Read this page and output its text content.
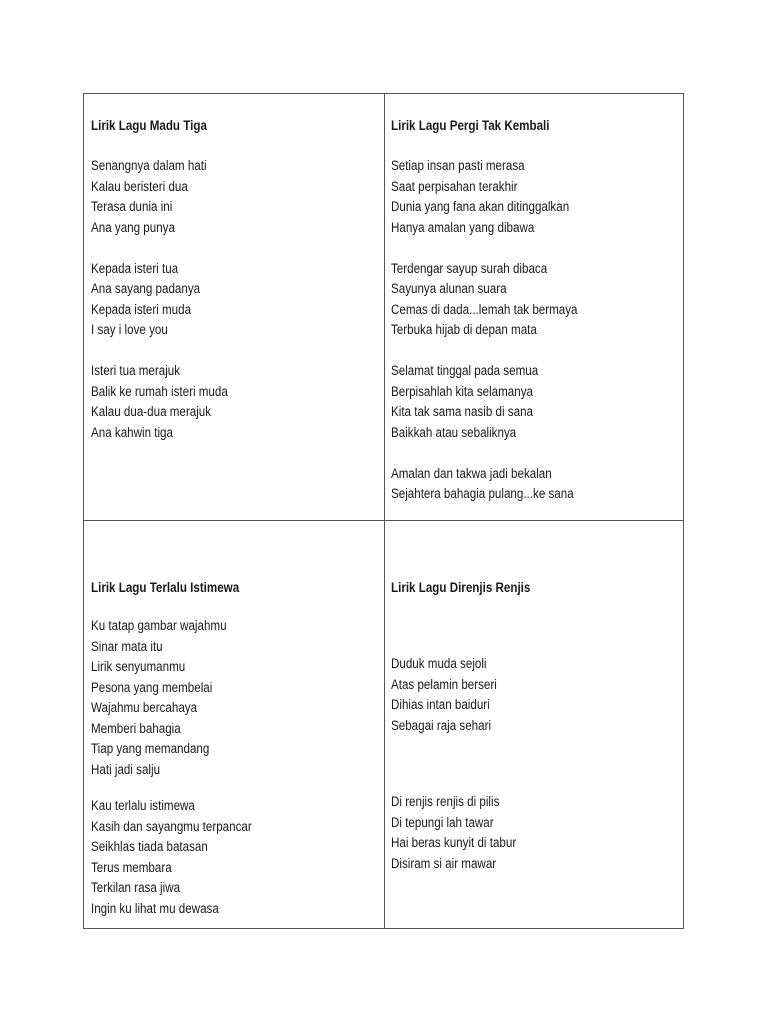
Lirik Lagu Madu Tiga
Senangnya dalam hati
Kalau beristeri dua
Terasa dunia ini
Ana yang punya
Kepada isteri tua
Ana sayang padanya
Kepada isteri muda
I say i love you
Isteri tua merajuk
Balik ke rumah isteri muda
Kalau dua-dua merajuk
Ana kahwin tiga
Lirik Lagu Pergi Tak Kembali
Setiap insan pasti merasa
Saat perpisahan terakhir
Dunia yang fana akan ditinggalkan
Hanya amalan yang dibawa
Terdengar sayup surah dibaca
Sayunya alunan suara
Cemas di dada...lemah tak bermaya
Terbuka hijab di depan mata
Selamat tinggal pada semua
Berpisahlah kita selamanya
Kita tak sama nasib di sana
Baikkah atau sebaliknya
Amalan dan takwa jadi bekalan
Sejahtera bahagia pulang...ke sana
Lirik Lagu Terlalu Istimewa
Ku tatap gambar wajahmu
Sinar mata itu
Lirik senyumanmu
Pesona yang membelai
Wajahmu bercahaya
Memberi bahagia
Tiap yang memandang
Hati jadi salju
Kau terlalu istimewa
Kasih dan sayangmu terpancar
Seikhlas tiada batasan
Terus membara
Terkilan rasa jiwa
Ingin ku lihat mu dewasa
Lirik Lagu Direnjis Renjis
Duduk muda sejoli
Atas pelamin berseri
Dihias intan baiduri
Sebagai raja sehari
Di renjis renjis di pilis
Di tepungi lah tawar
Hai beras kunyit di tabur
Disiram si air mawar
